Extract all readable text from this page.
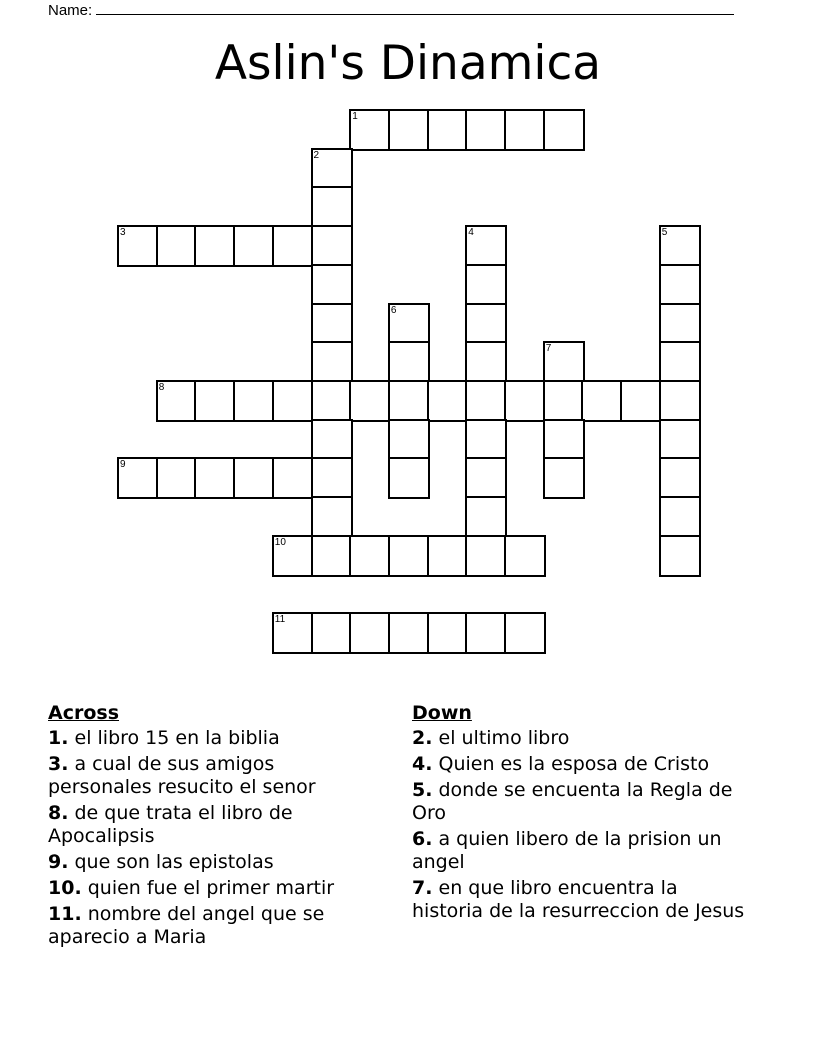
Name:
Aslin's Dinamica
1
2
3	4	5
6
7
8
9
10
11
Across
1. el libro 15 en la biblia
3. a cual de sus amigos personales resucito el senor
8. de que trata el libro de Apocalipsis
9. que son las epistolas
10. quien fue el primer martir
11. nombre del angel que se aparecio a Maria
Down
2. el ultimo libro
4. Quien es la esposa de Cristo
5. donde se encuenta la Regla de Oro
6. a quien libero de la prision un angel
7. en que libro encuentra la historia de la resurreccion de Jesus
